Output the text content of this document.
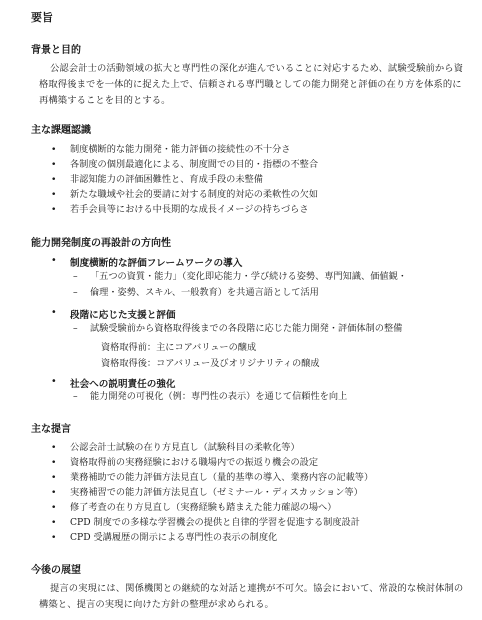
要旨
背景と目的
公認会計士の活動領域の拡大と専門性の深化が進んでいることに対応するため、試験受験前から資格取得後までを一体的に捉えた上で、信頼される専門職としての能力開発と評価の在り方を体系的に再構築することを目的とする。
主な課題認識
• 制度横断的な能力開発・能力評価の接続性の不十分さ
• 各制度の個別最適化による、制度間での目的・指標の不整合
• 非認知能力の評価困難性と、育成手段の未整備
• 新たな職域や社会的要請に対する制度的対応の柔軟性の欠如
• 若手会員等における中長期的な成長イメージの持ちづらさ
能力開発制度の再設計の方向性
• 制度横断的な評価フレームワークの導入
– 「五つの資質・能力」（変化即応能力・学び続ける姿勢、専門知識、価値観・
– 倫理・姿勢、スキル、一般教育）を共通言語として活用
• 段階に応じた支援と評価
– 試験受験前から資格取得後までの各段階に応じた能力開発・評価体制の整備
資格取得前：主にコアバリューの醸成
資格取得後：コアバリュー及びオリジナリティの醸成
• 社会への説明責任の強化
– 能力開発の可視化（例：専門性の表示）を通じて信頼性を向上
主な提言
• 公認会計士試験の在り方見直し（試験科目の柔軟化等）
• 資格取得前の実務経験における職場内での振返り機会の設定
• 業務補助での能力評価方法見直し（量的基準の導入、業務内容の記載等）
• 実務補習での能力評価方法見直し（ゼミナール・ディスカッション等）
• 修了考査の在り方見直し（実務経験も踏まえた能力確認の場へ）
• CPD 制度での多様な学習機会の提供と自律的学習を促進する制度設計
• CPD 受講履歴の開示による専門性の表示の制度化
今後の展望
提言の実現には、関係機関との継続的な対話と連携が不可欠。協会において、常設的な検討体制の構築と、提言の実現に向けた方針の整理が求められる。
